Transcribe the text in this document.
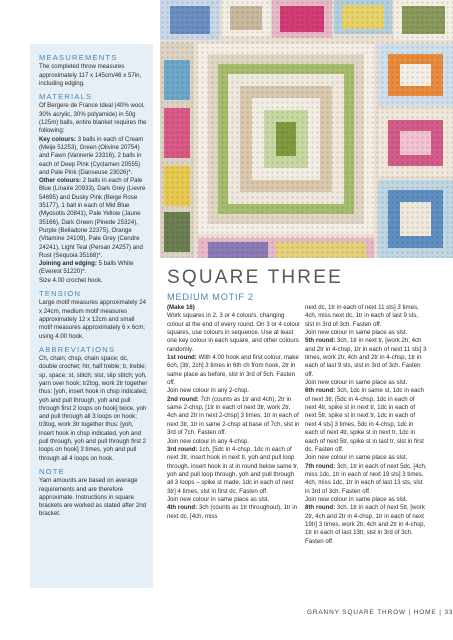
MEASUREMENTS

The completed throw measures approximately 117 x 145cm/46 x 57in, including edging.

MATERIALS

Of Bergere de France Ideal (40% wool, 30% acrylic, 30% polyamide) in 50g (125m) balls, entire blanket requires the following:
Key colours: 3 balls in each of Cream (Meije 51253), Green (Olivine 20754) and Fawn (Vannerie 23316), 2 balls in each of Deep Pink (Cyclamen 20555) and Pale Pink (Danseuse 23026)*.
Other colours: 2 balls in each of Pale Blue (Linaire 20933), Dark Grey (Lievre 54695) and Dusky Pink (Beige Rose 35177), 1 ball in each of Mid Blue (Myosotis 20841), Pale Yellow (Jaune 35166), Dark Green (Pinede 25324), Purple (Belladone 22375), Orange (Vitamine 24109), Pale Grey (Cendre 24241), Light Teal (Persan 24257) and Rust (Sequoia 35168)*.
Joining and edging: 5 balls White (Everest 51220)*.
Size 4.00 crochet hook.

TENSION

Large motif measures approximately 24 x 24cm, medium motif measures approximately 12 x 12cm and small motif measures approximately 6 x 6cm; using 4.00 hook.

ABBREVIATIONS

Ch, chain; chsp, chain space; dc, double crochet; htr, half treble; tr, treble; sp, space; st, stitch; slst, slip stitch; yoh, yarn over hook; tr2tog, work 2tr together thus: [yoh, insert hook in chsp indicated, yoh and pull through, yoh and pull through first 2 loops on hook] twice, yoh and pull through all 3 loops on hook; tr3tog, work 3tr together thus: [yoh, insert hook in chsp indicated, yoh and pull through, yoh and pull through first 2 loops on hook] 3 times, yoh and pull through all 4 loops on hook.

NOTE

Yarn amounts are based on average requirements and are therefore approximate. Instructions in square brackets are worked as stated after 2nd bracket.

SQUARE THREE
MEDIUM MOTIF 2

(Make 16)

Work squares in 2, 3 or 4 colours, changing colour at the end of every round. On 3 or 4 colour squares, use colours in sequence. Use at least one key colour in each square, and other colours randomly.

1st round: With 4.00 hook and first colour, make 6ch, [3tr, 2ch] 3 times in 6th ch from hook, 2tr in same place as before, slst in 3rd of 5ch. Fasten off.

Join new colour in any 2-chsp.

2nd round: 7ch (counts as 1tr and 4ch), 2tr in same 2-chsp, [1tr in each of next 3tr, work 2tr, 4ch and 2tr in next 2-chsp] 3 times, 1tr in each of next 3tr, 1tr in same 2-chsp at base of 7ch, slst in 3rd of 7ch. Fasten off.

Join new colour in any 4-chsp.

3rd round: 1ch, [5dc in 4-chsp, 1dc in each of next 3tr, insert hook in next tr, yoh and pull loop through, insert hook in st in round below same tr, yoh and pull loop through, yoh and pull through all 3 loops – spike st made, 1dc in each of next 3tr] 4 times, slst in first dc. Fasten off.

Join new colour in same place as slst.

4th round: 3ch (counts as 1tr throughout), 1tr in next dc, [4ch, miss

next dc, 1tr in each of next 11 sts] 3 times, 4ch, miss next dc, 1tr in each of last 9 sts, slst in 3rd of 3ch. Fasten off.

Join new colour in same place as slst.

5th round: 3ch, 1tr in next tr, [work 2tr, 4ch and 2tr in 4-chsp, 1tr in each of next 11 sts] 3 times, work 2tr, 4ch and 2tr in 4-chsp, 1tr in each of last 9 sts, slst in 3rd of 3ch. Fasten off.

Join new colour in same place as slst.

6th round: 3ch, 1dc in same st, 1dc in each of next 3tr, [5dc in 4-chsp, 1dc in each of next 4tr, spike st in next tr, 1dc in each of next 5tr, spike st in next tr, 1dc in each of next 4 sts] 3 times, 5dc in 4-chsp, 1dc in each of next 4tr, spike st in next tr, 1dc in each of next 5tr, spike st in last tr, slst in first dc. Fasten off.

Join new colour in same place as slst.

7th round: 3ch, 1tr in each of next 5dc, [4ch, miss 1dc, 1tr in each of next 19 sts] 3 times, 4ch, miss 1dc, 1tr in each of last 13 sts, slst in 3rd of 3ch. Fasten off.

Join new colour in same place as slst.

8th round: 3ch, 1tr in each of next 5tr, [work 2tr, 4ch and 2tr in 4-chsp, 1tr in each of next 19tr] 3 times, work 2tr, 4ch and 2tr in 4-chsp, 1tr in each of last 13tr, slst in 3rd of 3ch.

Fasten off.

GRANNY SQUARE THROW | HOME | 33
